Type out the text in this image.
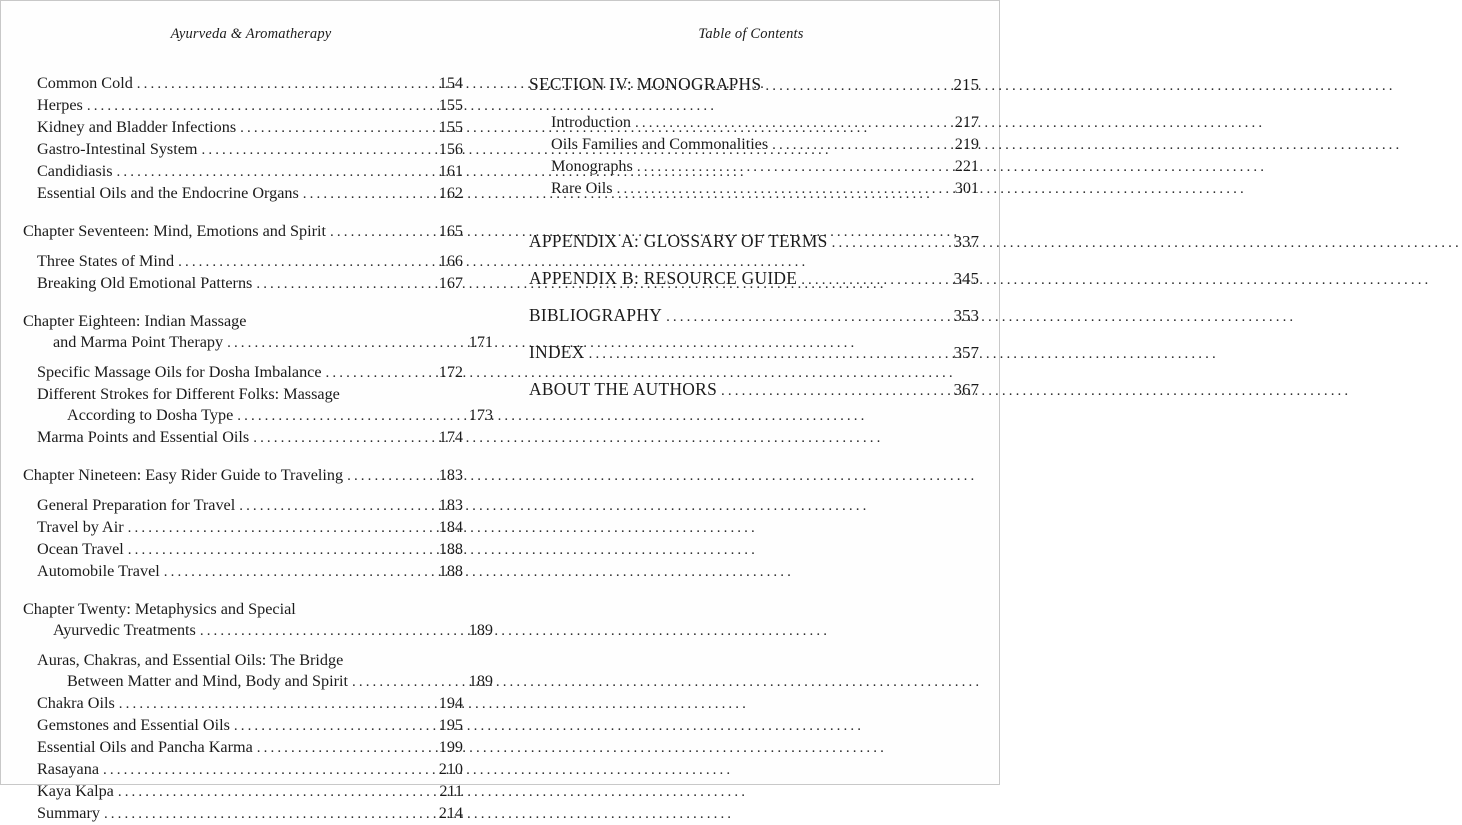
Ayurveda & Aromatherapy	Table of Contents
Common Cold .....	154
Herpes .....	155
Kidney and Bladder Infections .....	155
Gastro-Intestinal System .....	156
Candidiasis .....	161
Essential Oils and the Endocrine Organs .....	162
Chapter Seventeen: Mind, Emotions and Spirit .....	165
Three States of Mind .....	166
Breaking Old Emotional Patterns .....	167
Chapter Eighteen: Indian Massage
and Marma Point Therapy .....	171
Specific Massage Oils for Dosha Imbalance .....	172
Different Strokes for Different Folks: Massage
According to Dosha Type .....	173
Marma Points and Essential Oils .....	174
Chapter Nineteen: Easy Rider Guide to Traveling .....	183
General Preparation for Travel .....	183
Travel by Air .....	184
Ocean Travel .....	188
Automobile Travel .....	188
Chapter Twenty: Metaphysics and Special
Ayurvedic Treatments .....	189
Auras, Chakras, and Essential Oils: The Bridge
Between Matter and Mind, Body and Spirit .....	189
Chakra Oils .....	194
Gemstones and Essential Oils .....	195
Essential Oils and Pancha Karma .....	199
Rasayana .....	210
Kaya Kalpa .....	211
Summary .....	214
SECTION IV: MONOGRAPHS .....	215
Introduction .....	217
Oils Families and Commonalities .....	219
Monographs .....	221
Rare Oils .....	301
APPENDIX A: GLOSSARY OF TERMS .....	337
APPENDIX B: RESOURCE GUIDE .....	345
BIBLIOGRAPHY .....	353
INDEX .....	357
ABOUT THE AUTHORS .....	367
